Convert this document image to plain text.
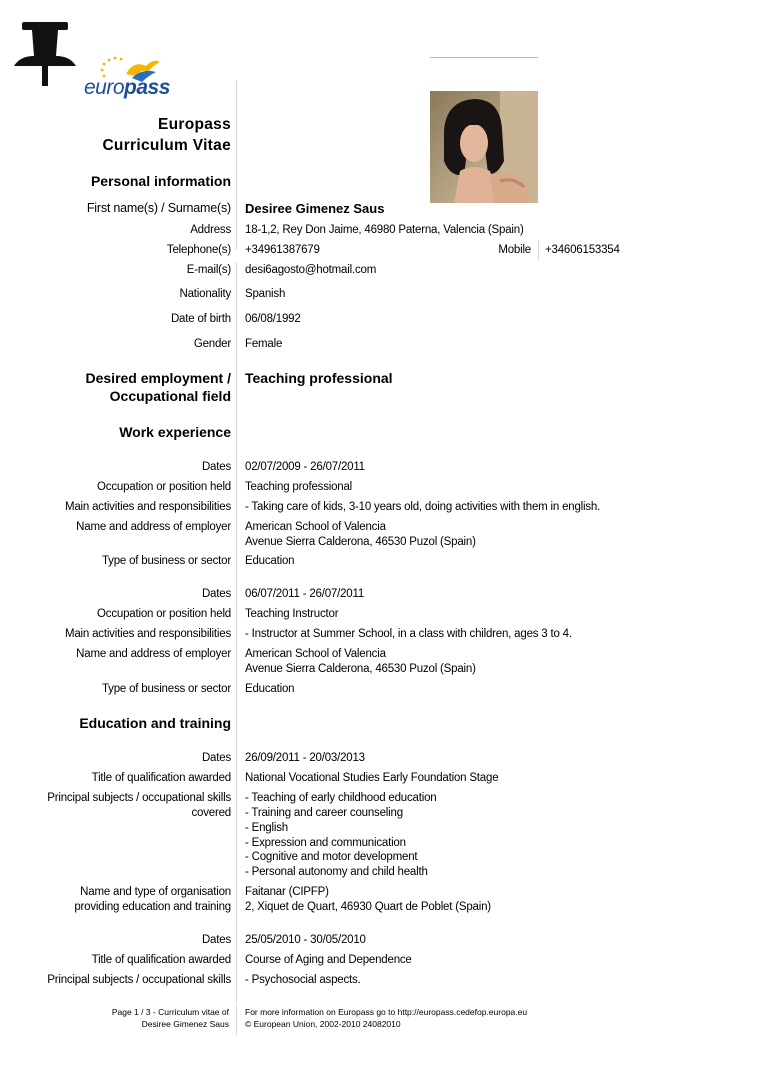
europass
Europass
Curriculum Vitae
Personal information
First name(s) / Surname(s) Desiree Gimenez Saus
Address 18-1,2, Rey Don Jaime, 46980 Paterna, Valencia (Spain)
Telephone(s) +34961387679	Mobile +34606153354
E-mail(s) desi6agosto@hotmail.com
Nationality Spanish
Date of birth 06/08/1992
Gender Female
Desired employment /
Occupational field
Teaching professional
Work experience
Dates 02/07/2009 - 26/07/2011
Occupation or position held Teaching professional
Main activities and responsibilities - Taking care of kids, 3-10 years old, doing activities with them in english.
Name and address of employer American School of Valencia
Avenue Sierra Calderona, 46530 Puzol (Spain)
Type of business or sector Education
Dates 06/07/2011 - 26/07/2011
Occupation or position held Teaching Instructor
Main activities and responsibilities - Instructor at Summer School, in a class with children, ages 3 to 4.
Name and address of employer American School of Valencia
Avenue Sierra Calderona, 46530 Puzol (Spain)
Type of business or sector Education
Education and training
Dates 26/09/2011 - 20/03/2013
Title of qualification awarded National Vocational Studies Early Foundation Stage
Principal subjects / occupational skills
covered
- Teaching of early childhood education
- Training and career counseling
- English
- Expression and communication
- Cognitive and motor development
- Personal autonomy and child health
Name and type of organisation
providing education and training
Faitanar (CIPFP)
2, Xiquet de Quart, 46930 Quart de Poblet (Spain)
Dates 25/05/2010 - 30/05/2010
Title of qualification awarded Course of Aging and Dependence
Principal subjects / occupational skills - Psychosocial aspects.
Page 1 / 3 - Curriculum vitae of
Desiree Gimenez Saus
For more information on Europass go to http://europass.cedefop.europa.eu
© European Union, 2002-2010 24082010
